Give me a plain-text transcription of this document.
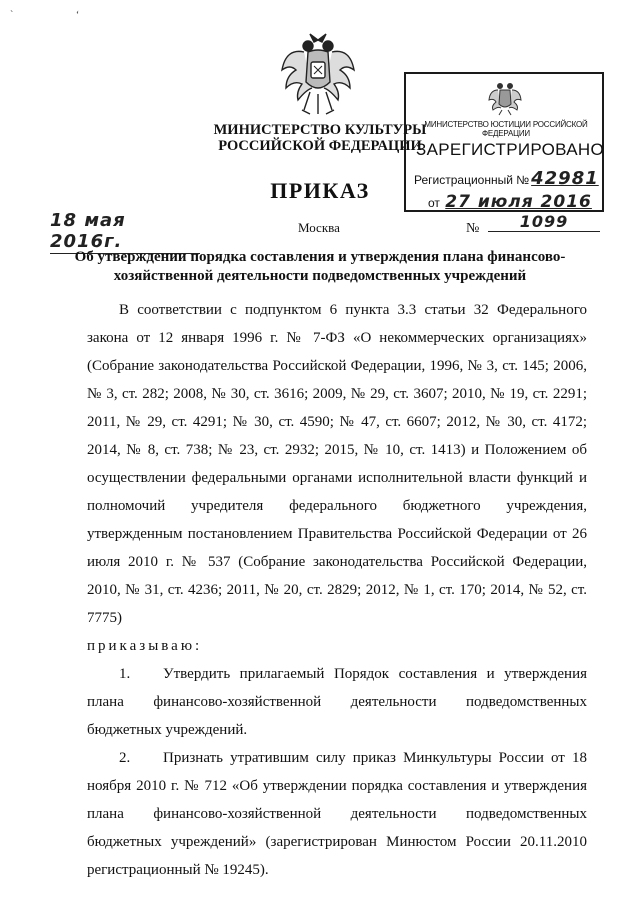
` ‘
МИНИСТЕРСТВО КУЛЬТУРЫ
РОССИЙСКОЙ ФЕДЕРАЦИИ
МИНИСТЕРСТВО ЮСТИЦИИ РОССИЙСКОЙ ФЕДЕРАЦИИ
ЗАРЕГИСТРИРОВАНО
Регистрационный № 42981
от 27 июля 2016
ПРИКАЗ
18 мая 2016г.
Москва	№	1099
Об утверждении порядка составления и утверждения плана финансово-хозяйственной деятельности подведомственных учреждений

В соответствии с подпунктом 6 пункта 3.3 статьи 32 Федерального закона от 12 января 1996 г. № 7-ФЗ «О некоммерческих организациях» (Собрание законодательства Российской Федерации, 1996, № 3, ст. 145; 2006, № 3, ст. 282; 2008, № 30, ст. 3616; 2009, № 29, ст. 3607; 2010, № 19, ст. 2291; 2011, № 29, ст. 4291; № 30, ст. 4590; № 47, ст. 6607; 2012, № 30, ст. 4172; 2014, № 8, ст. 738; № 23, ст. 2932; 2015, № 10, ст. 1413) и Положением об осуществлении федеральными органами исполнительной власти функций и полномочий учредителя федерального бюджетного учреждения, утвержденным постановлением Правительства Российской Федерации от 26 июля 2010 г. № 537 (Собрание законодательства Российской Федерации, 2010, № 31, ст. 4236; 2011, № 20, ст. 2829; 2012, № 1, ст. 170; 2014, № 52, ст. 7775)

приказываю:

1. Утвердить прилагаемый Порядок составления и утверждения плана финансово-хозяйственной деятельности подведомственных бюджетных учреждений.

2. Признать утратившим силу приказ Минкультуры России от 18 ноября 2010 г. № 712 «Об утверждении порядка составления и утверждения плана финансово-хозяйственной деятельности подведомственных бюджетных учреждений» (зарегистрирован Минюстом России 20.11.2010 регистрационный № 19245).
